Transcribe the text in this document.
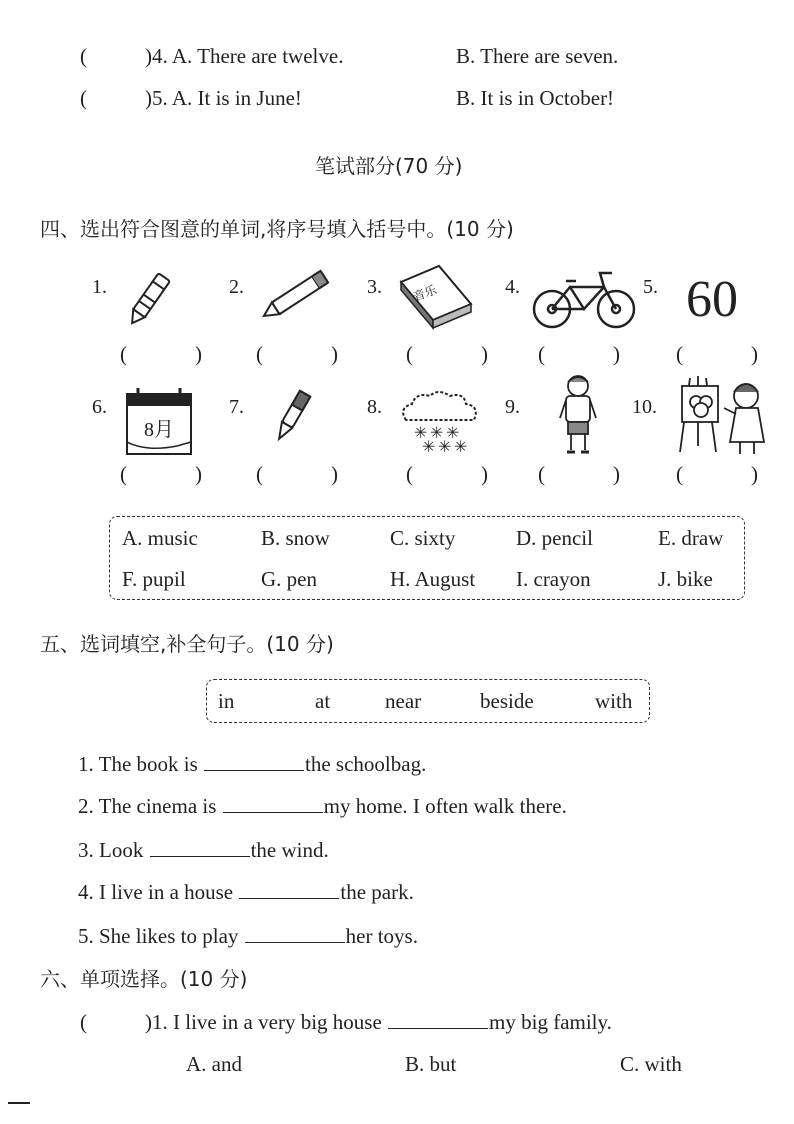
(	)4. A. There are twelve.	B. There are seven.
(	)5. A. It is in June!	B. It is in October!
笔试部分(70 分)
四、选出符合图意的单词,将序号填入括号中。(10 分)
1.	2.	3.	4.	5.
音乐	60
(	)	(	)	(	) (	)	(	)
6.	7.	8.	9.	10.
8月	✳ ✳ ✳
✳ ✳ ✳
(	)	(	)	(	) (	)	(	)
A. music	B. snow	C. sixty	D. pencil	E. draw
F. pupil	G. pen	H. August I. crayon	J. bike
五、选词填空,补全句子。(10 分)
in	at	near	beside	with
1. The book is	the schoolbag.
2. The cinema is	my home. I often walk there.
3. Look	the wind.
4. I live in a house	the park.
5. She likes to play	her toys.
六、单项选择。(10 分)
(	)1. I live in a very big house	my big family.
A. and	B. but	C. with
